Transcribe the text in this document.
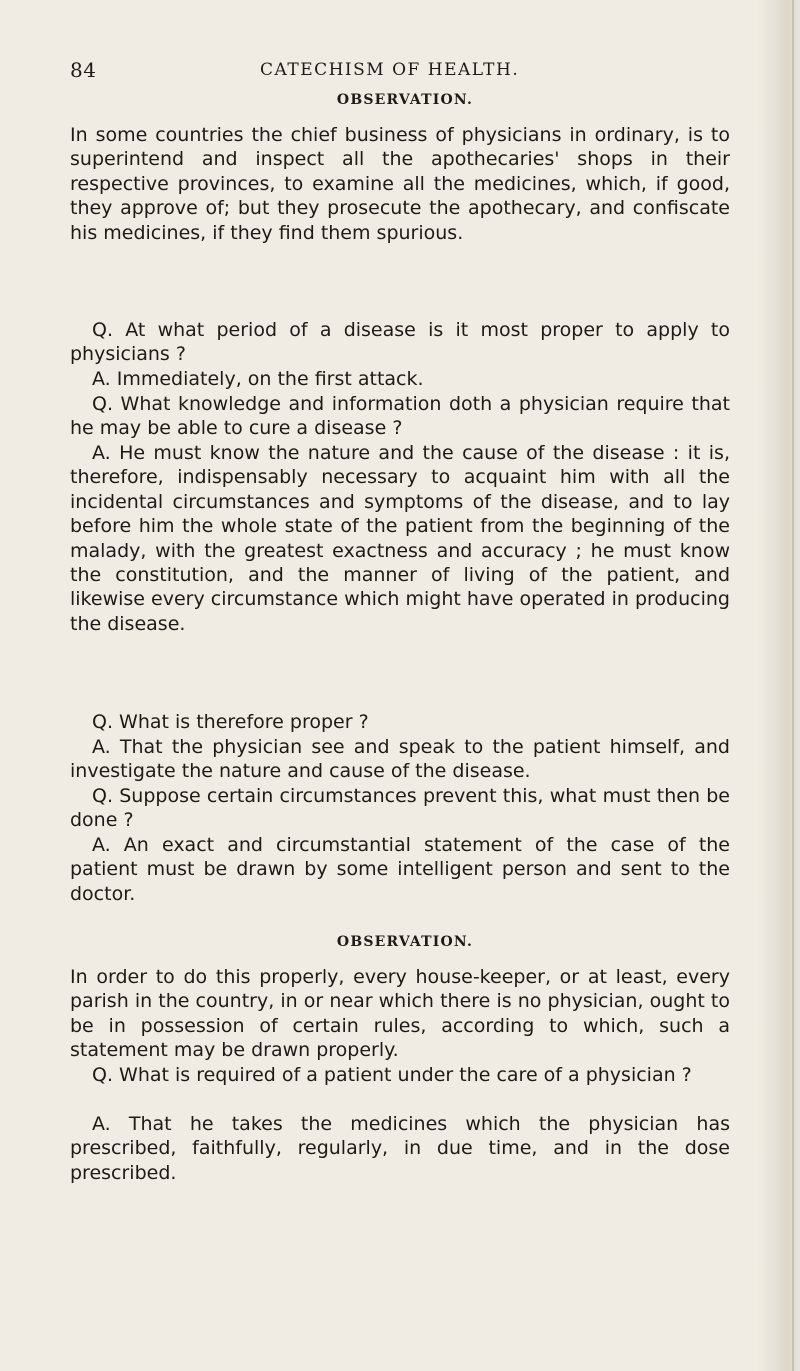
84	CATECHISM OF HEALTH.
OBSERVATION.
In some countries the chief business of physicians in ordinary, is to superintend and inspect all the apothecaries' shops in their respective provinces, to examine all the medicines, which, if good, they approve of; but they prosecute the apothecary, and confiscate his medicines, if they find them spurious.
Q. At what period of a disease is it most proper to apply to physicians ?
A. Immediately, on the first attack.
Q. What knowledge and information doth a physician require that he may be able to cure a disease ?
A. He must know the nature and the cause of the disease : it is, therefore, indispensably necessary to acquaint him with all the incidental circumstances and symptoms of the disease, and to lay before him the whole state of the patient from the beginning of the malady, with the greatest exactness and accuracy ; he must know the constitution, and the manner of living of the patient, and likewise every circumstance which might have operated in producing the disease.
Q. What is therefore proper ?
A. That the physician see and speak to the patient himself, and investigate the nature and cause of the disease.
Q. Suppose certain circumstances prevent this, what must then be done ?
A. An exact and circumstantial statement of the case of the patient must be drawn by some intelligent person and sent to the doctor.
OBSERVATION.
In order to do this properly, every house-keeper, or at least, every parish in the country, in or near which there is no physician, ought to be in possession of certain rules, according to which, such a statement may be drawn properly.
Q. What is required of a patient under the care of a physician ?
A. That he takes the medicines which the physician has prescribed, faithfully, regularly, in due time, and in the dose prescribed.
